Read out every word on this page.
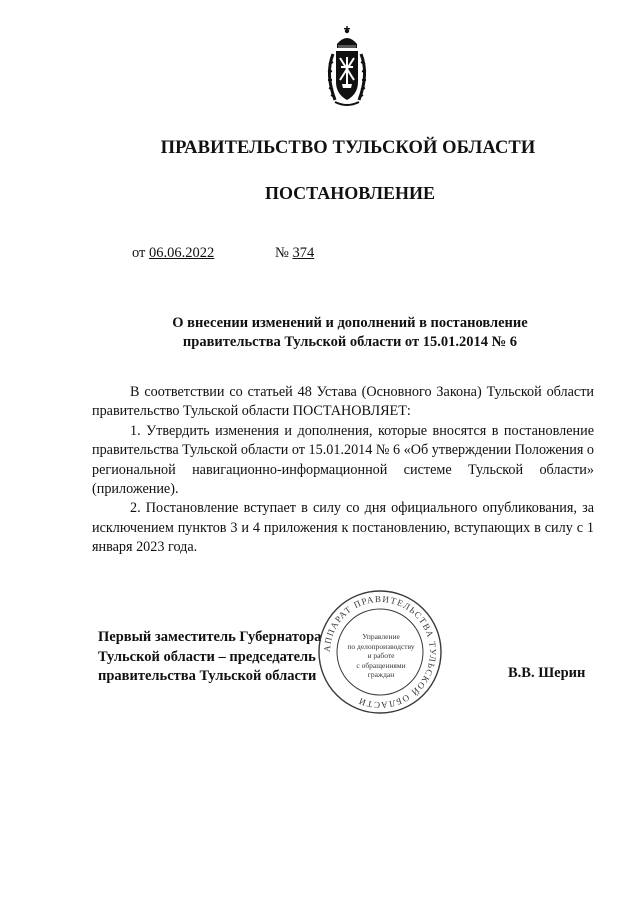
ПРАВИТЕЛЬСТВО ТУЛЬСКОЙ ОБЛАСТИ
ПОСТАНОВЛЕНИЕ
от 06.06.2022	№ 374
О внесении изменений и дополнений в постановление
правительства Тульской области от 15.01.2014 № 6

В соответствии со статьей 48 Устава (Основного Закона) Тульской области правительство Тульской области ПОСТАНОВЛЯЕТ:

1. Утвердить изменения и дополнения, которые вносятся в постановление правительства Тульской области от 15.01.2014 № 6 «Об утверждении Положения о региональной навигационно-информационной системе Тульской области» (приложение).

2. Постановление вступает в силу со дня официального опубликования, за исключением пунктов 3 и 4 приложения к постановлению, вступающих в силу с 1 января 2023 года.

Первый заместитель Губернатора
Тульской области – председатель
правительства Тульской области
АППАРАТ ПРАВИТЕЛЬСТВА ТУЛЬСКОЙ ОБЛАСТИ
Управление
по делопроизводству
и работе
с обращениями
граждан	В.В. Шерин
